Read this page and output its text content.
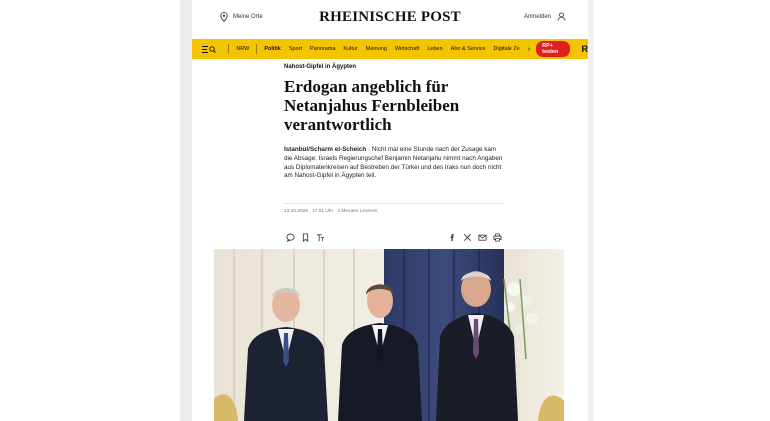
Meine Orte	RHEINISCHE POST	Anmelden
NRW	Politik	Sport	Panorama	Kultur	Meinung	Wirtschaft	Leben	Abo & Service	Digitale Ze	›	RP+ testen	R
Nahost-Gipfel in Ägypten
Erdogan angeblich für Netanjahus Fernbleiben verantwortlich

Istanbul/Scharm el-Scheich · Nicht mal eine Stunde nach der Zusage kam die Absage: Israels Regierungschef Benjamin Netanjahu nimmt nach Angaben aus Diplomatenkreisen auf Bestreben der Türkei und des Iraks nun doch nicht am Nahost-Gipfel in Ägypten teil.

13.10.2025 , 17:01 Uhr · 3 Minuten Lesezeit
